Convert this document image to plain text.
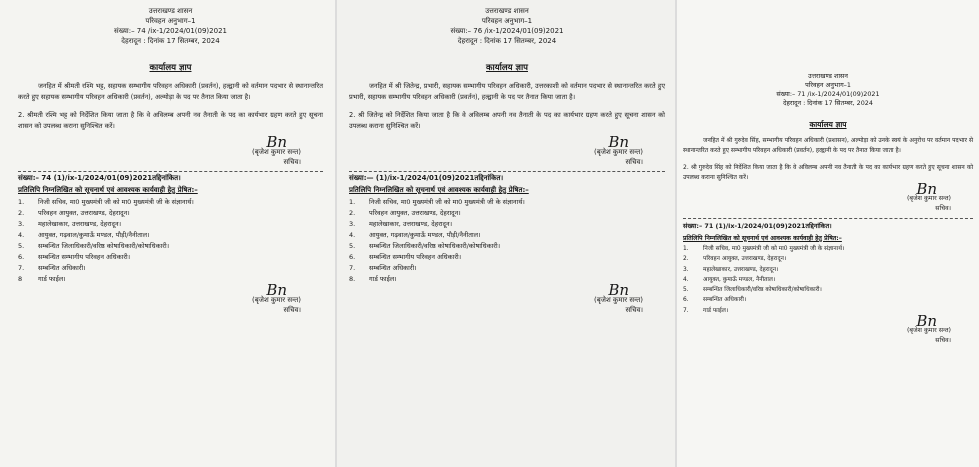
उत्तराखण्ड शासन
परिवहन अनुभाग–1
संख्या:– 74 /ix-1/2024/01(09)2021
देहरादून : दिनांक 17 सितम्बर, 2024
कार्यालय ज्ञाप

जनहित में श्रीमती रश्मि भट्ट, सहायक सम्भागीय परिवहन अधिकारी (प्रवर्तन), हल्द्वानी को वर्तमान पदभार से स्थानान्तरित करते हुए सहायक सम्भागीय परिवहन अधिकारी (प्रवर्तन), अल्मोड़ा के पद पर तैनात किया जाता है।

2. श्रीमती रश्मि भट्ट को निर्देशित किया जाता है कि वे अविलम्ब अपनी नव तैनाती के पद का कार्यभार ग्रहण करते हुए सूचना शासन को उपलब्ध कराना सुनिश्चित करें।

Bn
(बृजेश कुमार सन्त)
सचिव।
संख्या:– 74 (1)/ix-1/2024/01(09)2021तद्दिनांकित।
प्रतिलिपि निम्नलिखित को सूचनार्थ एवं आवश्यक कार्यवाही हेतु प्रेषित:–
1.	निजी सचिव, मा0 मुख्यमंत्री जी को मा0 मुख्यमंत्री जी के संज्ञानार्थ।
2.	परिवहन आयुक्त, उत्तराखण्ड, देहरादून।
3.	महालेखाकार, उत्तराखण्ड, देहरादून।
4.	आयुक्त, गढ़वाल/कुमाऊँ मण्डल, पौड़ी/नैनीताल।
5.	सम्बन्धित जिलाधिकारी/वरिष्ठ कोषाधिकारी/कोषाधिकारी।
6.	सम्बन्धित सम्भागीय परिवहन अधिकारी।
7.	सम्बन्धित अधिकारी।
8	गार्ड फाईल।
Bn
(बृजेश कुमार सन्त)
सचिव।
उत्तराखण्ड शासन
परिवहन अनुभाग–1
संख्या:– 76 /ix-1/2024/01(09)2021
देहरादून : दिनांक 17 सितम्बर, 2024
कार्यालय ज्ञाप

जनहित में श्री जितेन्द्र, प्रभारी, सहायक सम्भागीय परिवहन अधिकारी, उत्तरकाशी को वर्तमान पदभार से स्थानान्तरित करते हुए प्रभारी, सहायक सम्भागीय परिवहन अधिकारी (प्रवर्तन), हल्द्वानी के पद पर तैनात किया जाता है।

2. श्री जितेन्द्र को निर्देशित किया जाता है कि वे अविलम्ब अपनी नव तैनाती के पद का कार्यभार ग्रहण करते हुए सूचना शासन को उपलब्ध कराना सुनिश्चित करें।

Bn
(बृजेश कुमार सन्त)
सचिव।
संख्या:— (1)/ix-1/2024/01(09)2021तद्दिनांकित।
प्रतिलिपि निम्नलिखित को सूचनार्थ एवं आवश्यक कार्यवाही हेतु प्रेषित:–
1.	निजी सचिव, मा0 मुख्यमंत्री जी को मा0 मुख्यमंत्री जी के संज्ञानार्थ।
2.	परिवहन आयुक्त, उत्तराखण्ड, देहरादून।
3.	महालेखाकार, उत्तराखण्ड, देहरादून।
4.	आयुक्त, गढ़वाल/कुमाऊँ मण्डल, पौड़ी/नैनीताल।
5.	सम्बन्धित जिलाधिकारी/वरिष्ठ कोषाधिकारी/कोषाधिकारी।
6.	सम्बन्धित सम्भागीय परिवहन अधिकारी।
7.	सम्बन्धित अधिकारी।
8.	गार्ड फाईल।
Bn
(बृजेश कुमार सन्त)
सचिव।
उत्तराखण्ड शासन
परिवहन अनुभाग–1
संख्या:– 71 /ix-1/2024/01(09)2021
देहरादून : दिनांक 17 सितम्बर, 2024
कार्यालय ज्ञाप

जनहित में श्री गुरुदेव सिंह, सम्भागीय परिवहन अधिकारी (प्रशासन), अल्मोड़ा को उनके स्वयं के अनुरोध पर वर्तमान पदभार से स्थानान्तरित करते हुए सम्भागीय परिवहन अधिकारी (प्रवर्तन), हल्द्वानी के पद पर तैनात किया जाता है।

2. श्री गुरुदेव सिंह को निर्देशित किया जाता है कि वे अविलम्ब अपनी नव तैनाती के पद का कार्यभार ग्रहण करते हुए सूचना शासन को उपलब्ध कराना सुनिश्चित करें।

Bn
(बृजेश कुमार सन्त)
सचिव।
संख्या:– 71 (1)/ix-1/2024/01(09)2021तद्दिनांकित।
प्रतिलिपि निम्नलिखित को सूचनार्थ एवं आवश्यक कार्यवाही हेतु प्रेषित:–
1.	निजी सचिव, मा0 मुख्यमंत्री जी को मा0 मुख्यमंत्री जी के संज्ञानार्थ।
2.	परिवहन आयुक्त, उत्तराखण्ड, देहरादून।
3.	महालेखाकार, उत्तराखण्ड, देहरादून।
4.	आयुक्त, कुमाऊँ मण्डल, नैनीताल।
5.	सम्बन्धित जिलाधिकारी/वरिष्ठ कोषाधिकारी/कोषाधिकारी।
6.	सम्बन्धित अधिकारी।
7.	गार्ड फाईल।
Bn
(बृजेश कुमार सन्त)
सचिव।
